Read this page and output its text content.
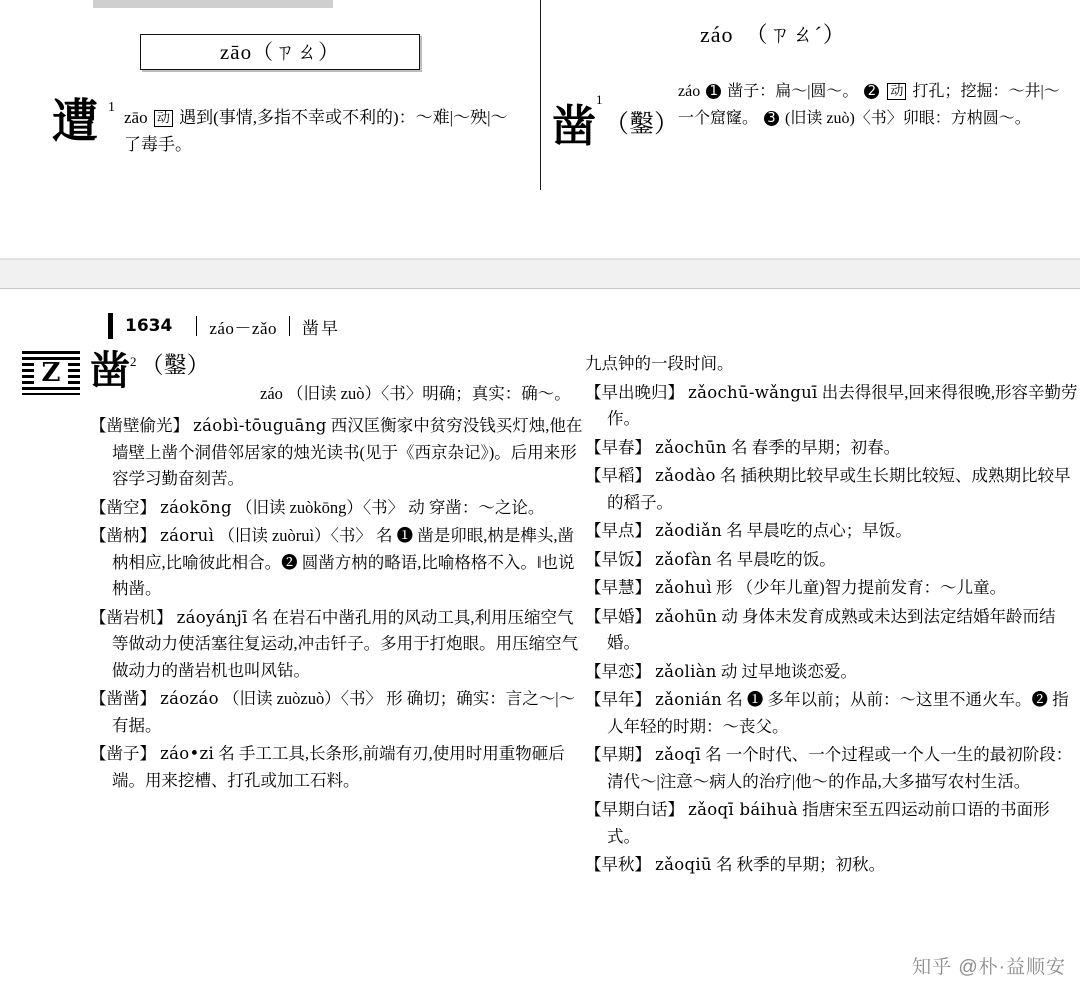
zāo（ㄗㄠ）
遭 1
zāo 动 遇到(事情,多指不幸或不利的)：～难|～殃|～了毒手。
záo　（ㄗㄠˊ）
凿
1
（鑿）
záo 1 凿子：扁～|圆～。 2 动 打孔；挖掘：～井|～一个窟窿。 3 (旧读 zuò)〈书〉卯眼：方枘圆～。
1634 záo－zǎo 凿早
Z 凿 $^2$ （鑿）
záo （旧读 zuò）〈书〉明确；真实：确～。
【凿壁偷光】 záobì-tōuguāng 西汉匡衡家中贫穷没钱买灯烛,他在墙壁上凿个洞借邻居家的烛光读书(见于《西京杂记》)。后用来形容学习勤奋刻苦。
【凿空】 záokōng （旧读 zuòkōng）〈书〉 动 穿凿：～之论。
【凿枘】 záoruì （旧读 zuòruì）〈书〉 名 ❶ 凿是卯眼,枘是榫头,凿枘相应,比喻彼此相合。❷ 圆凿方枘的略语,比喻格格不入。‖也说枘凿。
【凿岩机】 záoyánjī 名 在岩石中凿孔用的风动工具,利用压缩空气等做动力使活塞往复运动,冲击钎子。多用于打炮眼。用压缩空气做动力的凿岩机也叫风钻。
【凿凿】 záozáo （旧读 zuòzuò）〈书〉 形 确切；确实：言之～|～有据。
【凿子】 záo•zi 名 手工工具,长条形,前端有刃,使用时用重物砸后端。用来挖槽、打孔或加工石料。
九点钟的一段时间。
【早出晚归】 zǎochū-wǎnguī 出去得很早,回来得很晚,形容辛勤劳作。
【早春】 zǎochūn 名 春季的早期；初春。
【早稻】 zǎodào 名 插秧期比较早或生长期比较短、成熟期比较早的稻子。
【早点】 zǎodiǎn 名 早晨吃的点心；早饭。
【早饭】 zǎofàn 名 早晨吃的饭。
【早慧】 zǎohuì 形 （少年儿童)智力提前发育：～儿童。
【早婚】 zǎohūn 动 身体未发育成熟或未达到法定结婚年龄而结婚。
【早恋】 zǎoliàn 动 过早地谈恋爱。
【早年】 zǎonián 名 ❶ 多年以前；从前：～这里不通火车。❷ 指人年轻的时期：～丧父。
【早期】 zǎoqī 名 一个时代、一个过程或一个人一生的最初阶段：清代～|注意～病人的治疗|他～的作品,大多描写农村生活。
【早期白话】 zǎoqī báihuà 指唐宋至五四运动前口语的书面形式。
【早秋】 zǎoqiū 名 秋季的早期；初秋。
知乎 @朴·益顺安
